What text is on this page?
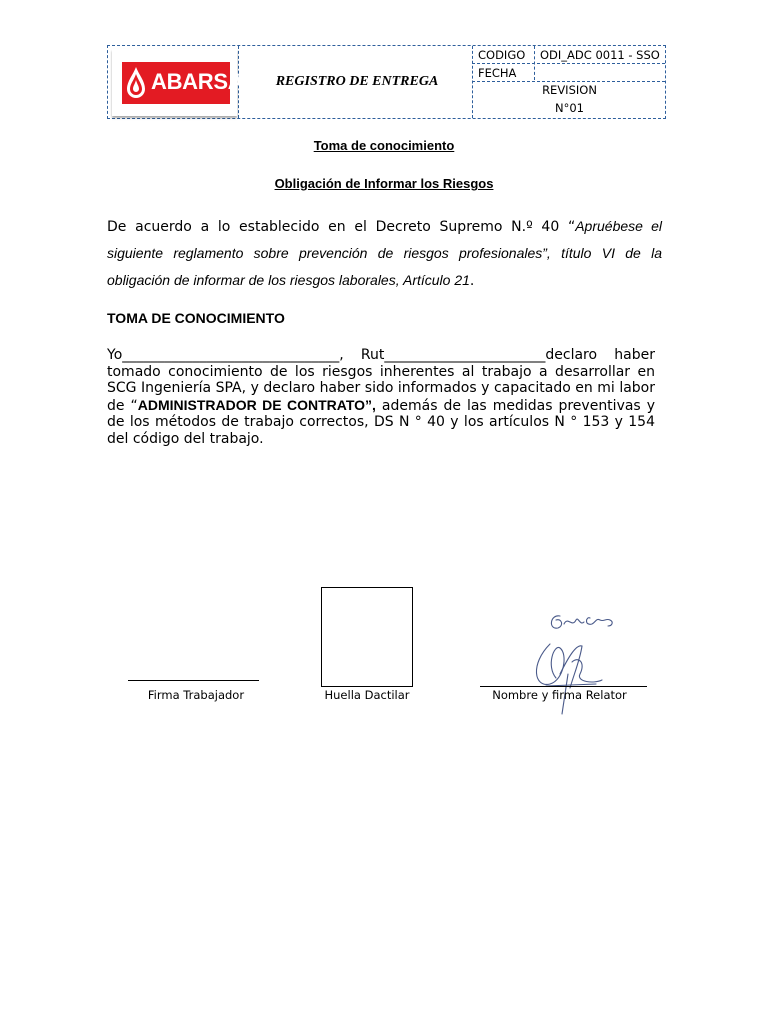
ABARSAL	REGISTRO DE ENTREGA
CODIGO ODI_ADC 0011 - SSO
FECHA
REVISION
N°01
Toma de conocimiento
Obligación de Informar los Riesgos
De acuerdo a lo establecido en el Decreto Supremo N.º 40 “Apruébese el siguiente reglamento sobre prevención de riesgos profesionales”, título VI de la obligación de informar de los riesgos laborales, Artículo 21.
TOMA DE CONOCIMIENTO
Yo_______________________________, Rut_______________________declaro haber tomado conocimiento de los riesgos inherentes al trabajo a desarrollar en SCG Ingeniería SPA, y declaro haber sido informados y capacitado en mi labor de “ADMINISTRADOR DE CONTRATO”, además de las medidas preventivas y de los métodos de trabajo correctos, DS N ° 40 y los artículos N ° 153 y 154 del código del trabajo.
Firma Trabajador	Huella Dactilar	Nombre y firma Relator
